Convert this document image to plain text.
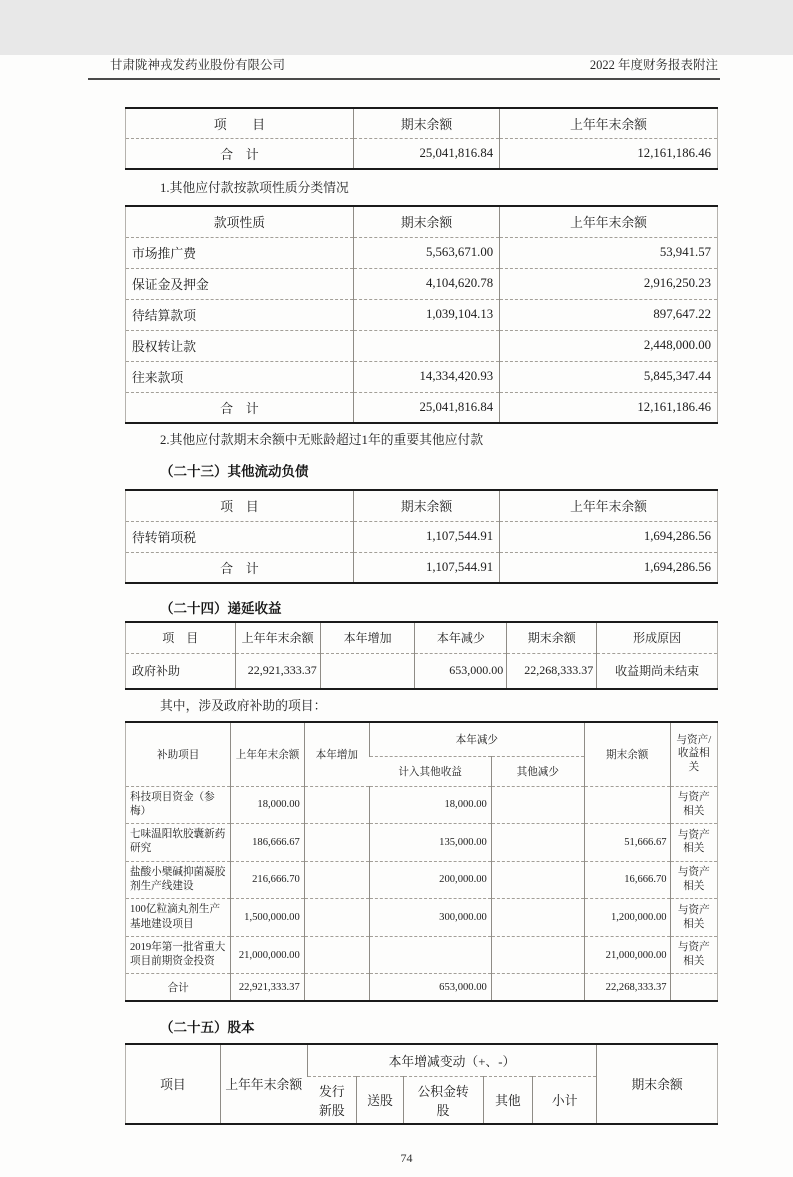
甘肃陇神戎发药业股份有限公司	2022 年度财务报表附注
项　　目	期末余额	上年年末余额
合　计	25,041,816.84	12,161,186.46
1.其他应付款按款项性质分类情况
款项性质	期末余额	上年年末余额
市场推广费	5,563,671.00	53,941.57
保证金及押金	4,104,620.78	2,916,250.23
待结算款项	1,039,104.13	897,647.22
股权转让款		2,448,000.00
往来款项	14,334,420.93	5,845,347.44
合　计	25,041,816.84	12,161,186.46
2.其他应付款期末余额中无账龄超过1年的重要其他应付款
（二十三）其他流动负债
项　目	期末余额	上年年末余额
待转销项税	1,107,544.91	1,694,286.56
合　计	1,107,544.91	1,694,286.56
（二十四）递延收益
项　目	上年年末余额	本年增加	本年减少	期末余额	形成原因
政府补助	22,921,333.37		653,000.00	22,268,333.37	收益期尚未结束
其中，涉及政府补助的项目：
补助项目	上年年末余额	本年增加	本年减少		期末余额	与资产/收益相关
			计入其他收益	其他减少		
科技项目资金（参梅）	18,000.00		18,000.00			与资产相关
七味温阳软胶囊新药研究	186,666.67		135,000.00		51,666.67	与资产相关
盐酸小檗碱抑菌凝胶剂生产线建设	216,666.70		200,000.00		16,666.70	与资产相关
100亿粒滴丸剂生产基地建设项目	1,500,000.00		300,000.00		1,200,000.00	与资产相关
2019年第一批省重大项目前期资金投资	21,000,000.00				21,000,000.00	与资产相关
合计	22,921,333.37		653,000.00		22,268,333.37	
（二十五）股本
项目	上年年末余额	本年增减变动（+、-）					期末余额
		发行新股	送股	公积金转股	其他	小计	
74
